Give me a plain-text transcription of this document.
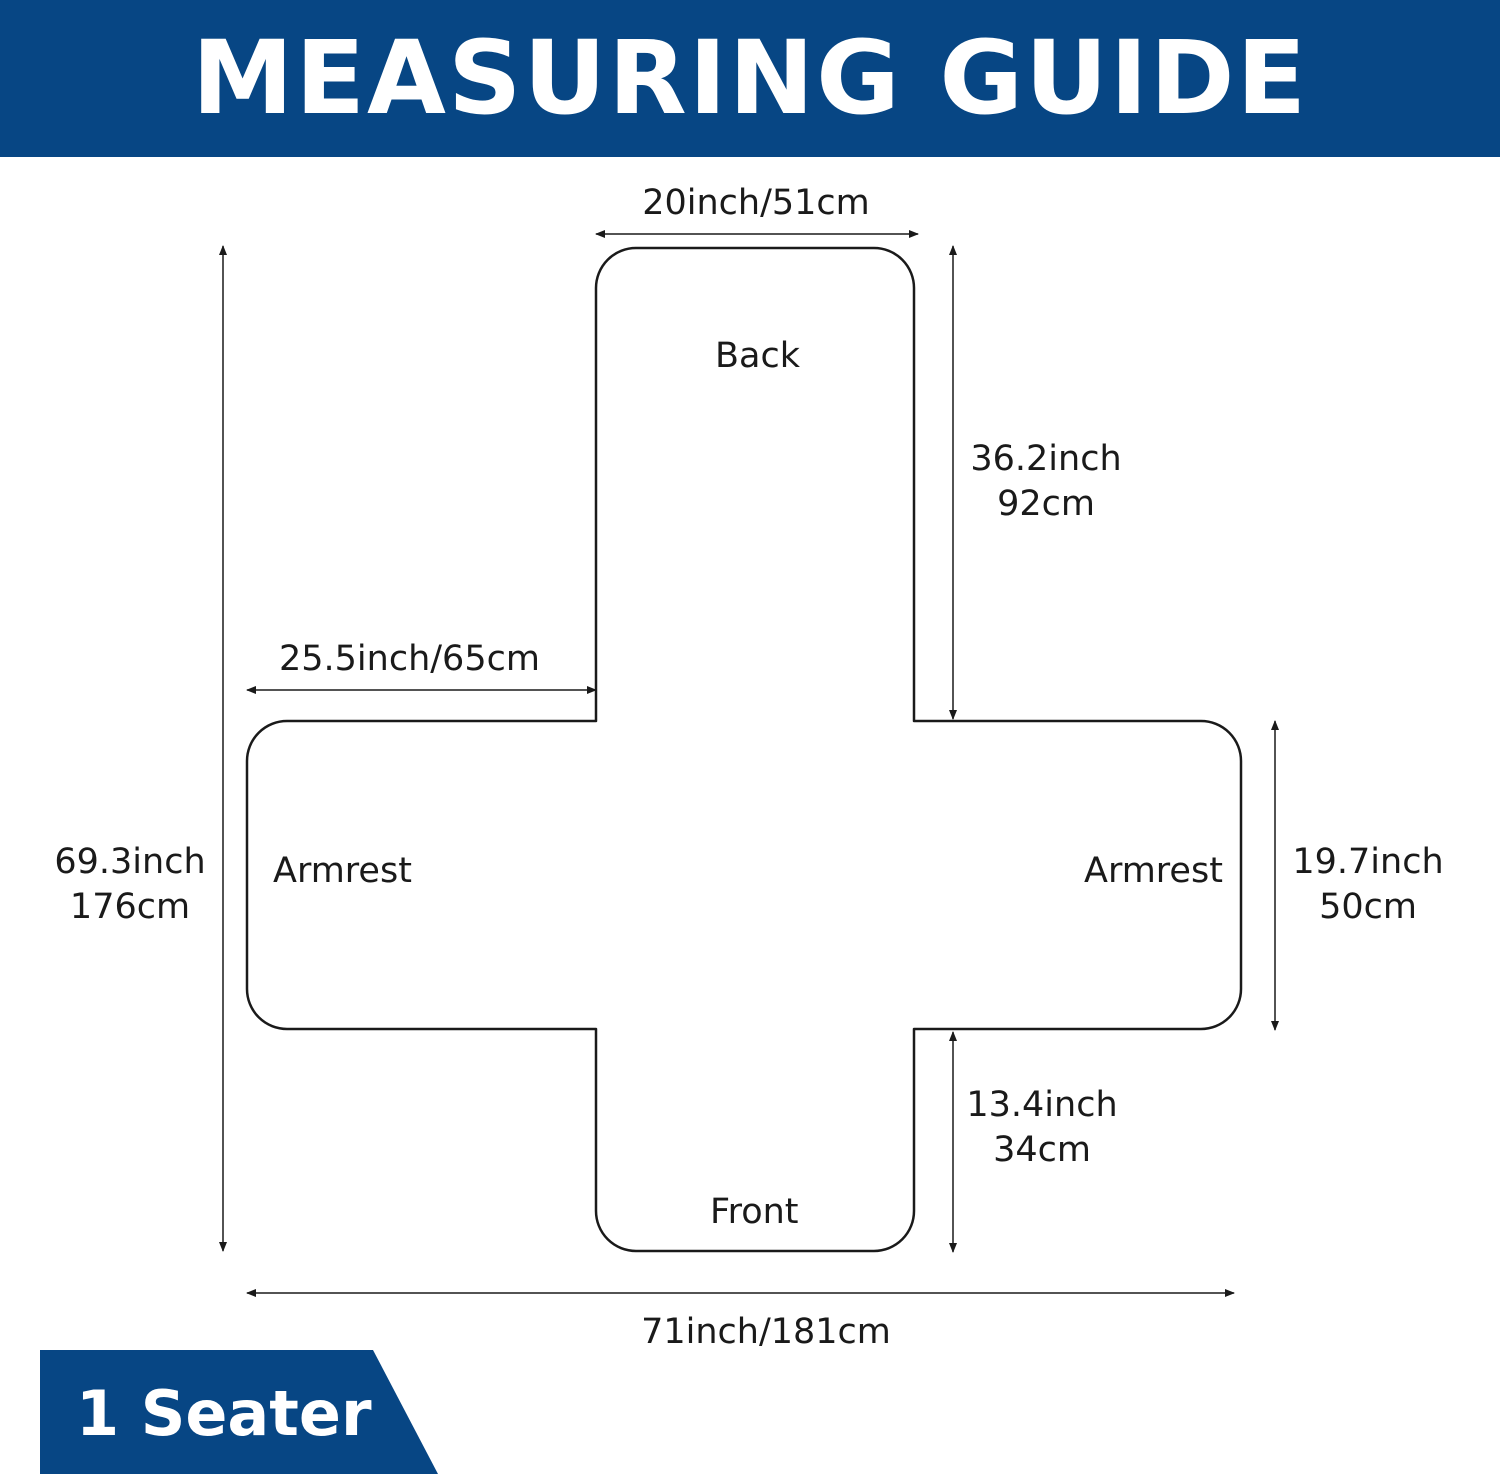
MEASURING GUIDE
Back
Front
Armrest	Armrest
20inch/51cm
36.2inch
92cm
25.5inch/65cm
69.3inch
176cm
19.7inch
50cm
13.4inch
34cm
71inch/181cm
1 Seater
